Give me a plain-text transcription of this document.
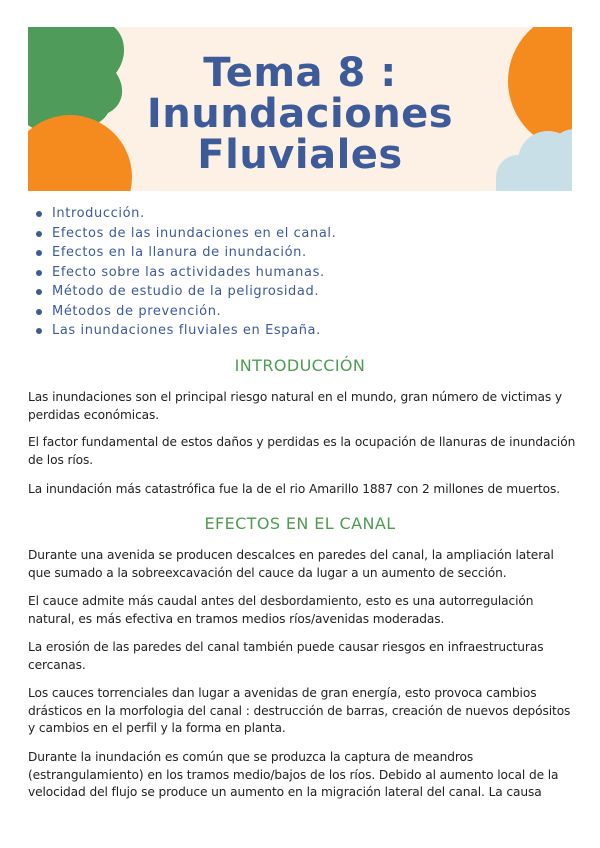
Tema 8 :
Inundaciones
Fluviales
Introducción.
Efectos de las inundaciones en el canal.
Efectos en la llanura de inundación.
Efecto sobre las actividades humanas.
Método de estudio de la peligrosidad.
Métodos de prevención.
Las inundaciones fluviales en España.
INTRODUCCIÓN

Las inundaciones son el principal riesgo natural en el mundo, gran número de victimas y perdidas económicas.

El factor fundamental de estos daños y perdidas es la ocupación de llanuras de inundación de los ríos.

La inundación más catastrófica fue la de el rio Amarillo 1887 con 2 millones de muertos.

EFECTOS EN EL CANAL

Durante una avenida se producen descalces en paredes del canal, la ampliación lateral que sumado a la sobreexcavación del cauce da lugar a un aumento de sección.

El cauce admite más caudal antes del desbordamiento, esto es una autorregulación natural, es más efectiva en tramos medios ríos/avenidas moderadas.

La erosión de las paredes del canal también puede causar riesgos en infraestructuras cercanas.

Los cauces torrenciales dan lugar a avenidas de gran energía, esto provoca cambios drásticos en la morfologia del canal : destrucción de barras, creación de nuevos depósitos y cambios en el perfil y la forma en planta.

Durante la inundación es común que se produzca la captura de meandros (estrangulamiento) en los tramos medio/bajos de los ríos. Debido al aumento local de la velocidad del flujo se produce un aumento en la migración lateral del canal. La causa
